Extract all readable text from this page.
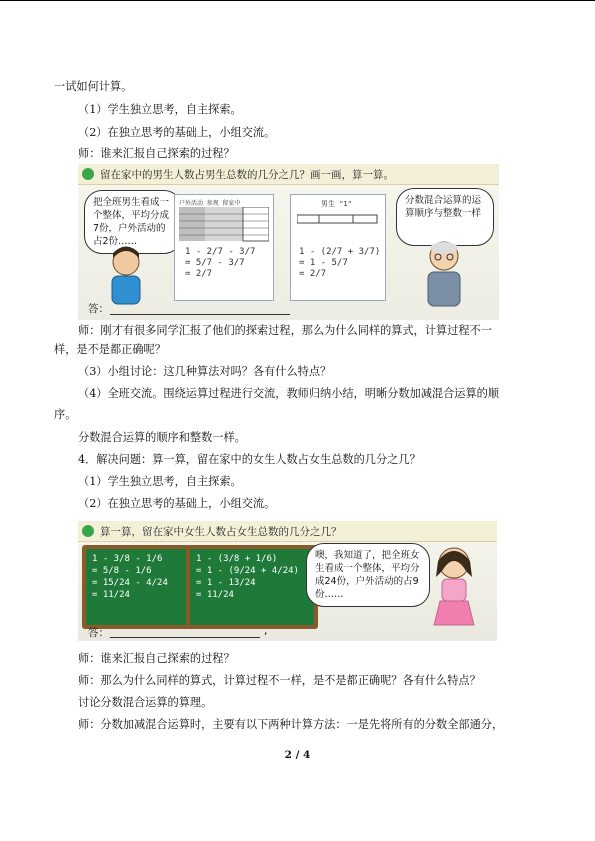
一试如何计算。
（1）学生独立思考，自主探索。
（2）在独立思考的基础上，小组交流。
师：谁来汇报自己探索的过程？
留在家中的男生人数占男生总数的几分之几？画一画，算一算。
把全班男生看成一个整体，平均分成7份，户外活动的占2份……
户外活动 参观 留家中
1 - 2/7 - 3/7
= 5/7 - 3/7
= 2/7
男生 "1"
1 - (2/7 + 3/7)
= 1 - 5/7
= 2/7
分数混合运算的运算顺序与整数一样
答：
师：刚才有很多同学汇报了他们的探索过程，那么为什么同样的算式，计算过程不一
样，是不是都正确呢？
（3）小组讨论：这几种算法对吗？各有什么特点？
（4）全班交流。围绕运算过程进行交流，教师归纳小结，明晰分数加减混合运算的顺
序。
分数混合运算的顺序和整数一样。
4．解决问题：算一算，留在家中的女生人数占女生总数的几分之几？
（1）学生独立思考，自主探索。
（2）在独立思考的基础上，小组交流。
算一算，留在家中女生人数占女生总数的几分之几？
1 - 3/8 - 1/6
= 5/8 - 1/6
= 15/24 - 4/24
= 11/24
1 - (3/8 + 1/6)
= 1 - (9/24 + 4/24)
= 1 - 13/24
= 11/24
噢，我知道了，把全班女生看成一个整体，平均分成24份，户外活动的占9份……
答：	,
师：谁来汇报自己探索的过程？
师：那么为什么同样的算式，计算过程不一样，是不是都正确呢？各有什么特点？
讨论分数混合运算的算理。
师：分数加减混合运算时，主要有以下两种计算方法：一是先将所有的分数全部通分，
2 / 4
